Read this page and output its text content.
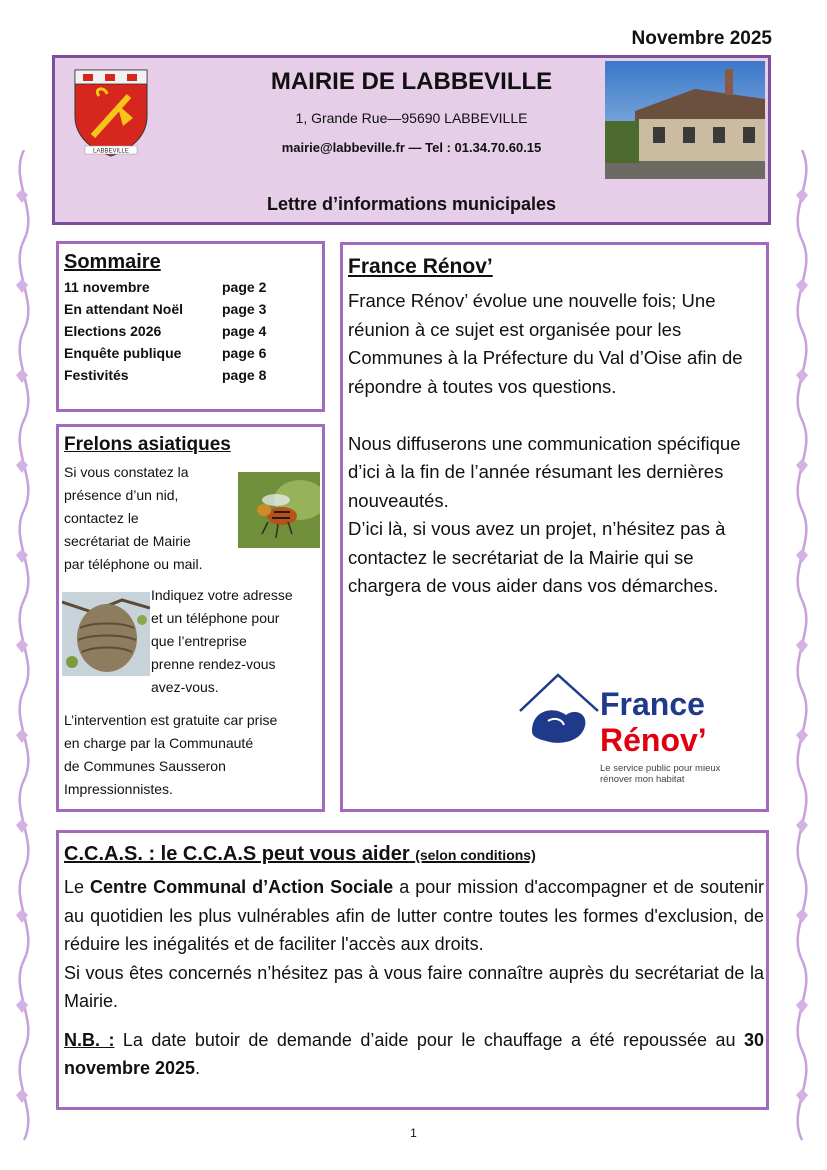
Novembre 2025
LABBEVILLE
MAIRIE DE LABBEVILLE
1, Grande Rue—95690 LABBEVILLE
mairie@labbeville.fr — Tel : 01.34.70.60.15
Lettre d’informations municipales
Sommaire
11 novembre	page 2
En attendant Noël	page 3
Elections 2026	page 4
Enquête publique	page 6
Festivités	page 8
Frelons asiatiques
Si vous constatez la
présence d’un nid,
contactez le
secrétariat de Mairie
par téléphone ou mail.
Indiquez votre adresse
et un téléphone pour
que l’entreprise
prenne rendez-vous
avez-vous.
L’intervention est gratuite car prise
en charge par la Communauté
de Communes Sausseron
Impressionnistes.
France Rénov’
France Rénov’ évolue une nouvelle fois; Une réunion à ce sujet est organisée pour les Communes à la Préfecture du Val d’Oise afin de répondre à toutes vos questions.
Nous diffuserons une communication spécifique d’ici à la fin de l’année résumant les dernières nouveautés.
D’ici là, si vous avez un projet, n’hésitez pas à contactez le secrétariat de la Mairie qui se chargera de vous aider dans vos démarches.
France
Rénov’
Le service public pour mieux
rénover mon habitat
C.C.A.S. : le C.C.A.S peut vous aider (selon conditions)

Le Centre Communal d’Action Sociale a pour mission d'accompagner et de soutenir au quotidien les plus vulnérables afin de lutter contre toutes les formes d'exclusion, de réduire les inégalités et de faciliter l'accès aux droits.

Si vous êtes concernés n’hésitez pas à vous faire connaître auprès du secrétariat de la Mairie.

N.B. : La date butoir de demande d’aide pour le chauffage a été repoussée au 30 novembre 2025.

1
